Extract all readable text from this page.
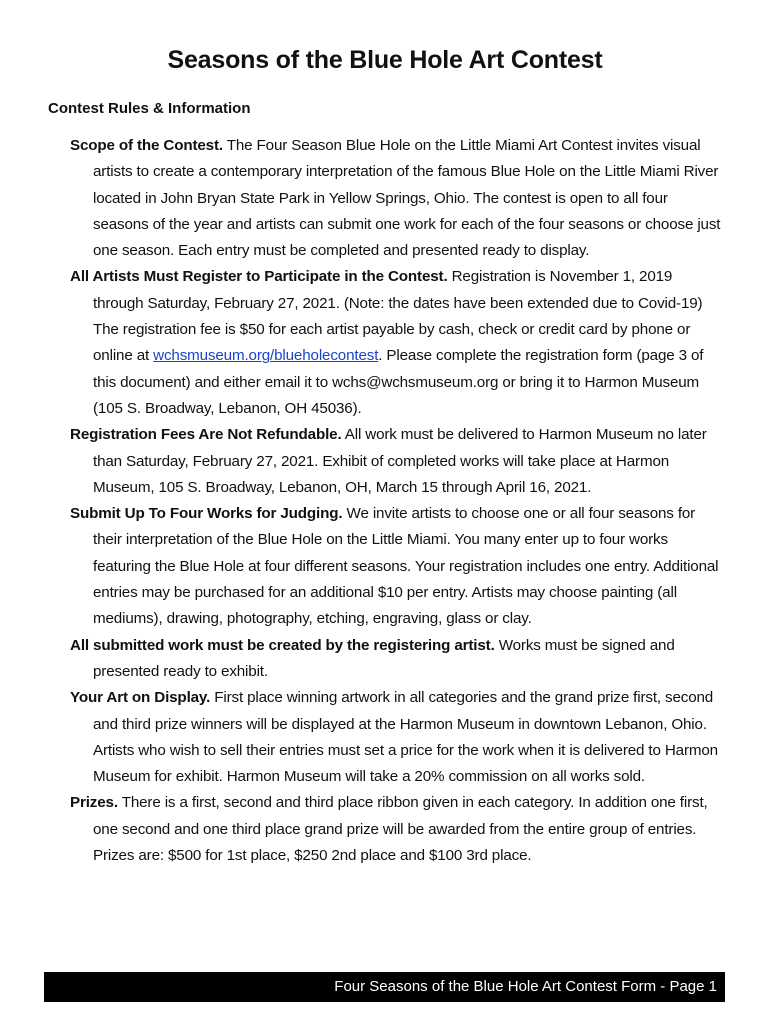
Seasons of the Blue Hole Art Contest
Contest Rules & Information

Scope of the Contest. The Four Season Blue Hole on the Little Miami Art Contest invites visual artists to create a contemporary interpretation of the famous Blue Hole on the Little Miami River located in John Bryan State Park in Yellow Springs, Ohio. The contest is open to all four seasons of the year and artists can submit one work for each of the four seasons or choose just one season. Each entry must be completed and presented ready to display.

All Artists Must Register to Participate in the Contest. Registration is November 1, 2019 through Saturday, February 27, 2021. (Note: the dates have been extended due to Covid-19) The registration fee is $50 for each artist payable by cash, check or credit card by phone or online at wchsmuseum.org/blueholecontest. Please complete the registration form (page 3 of this document) and either email it to wchs@wchsmuseum.org or bring it to Harmon Museum (105 S. Broadway, Lebanon, OH 45036).

Registration Fees Are Not Refundable. All work must be delivered to Harmon Museum no later than Saturday, February 27, 2021. Exhibit of completed works will take place at Harmon Museum, 105 S. Broadway, Lebanon, OH, March 15 through April 16, 2021.

Submit Up To Four Works for Judging. We invite artists to choose one or all four seasons for their interpretation of the Blue Hole on the Little Miami. You many enter up to four works featuring the Blue Hole at four different seasons. Your registration includes one entry. Additional entries may be purchased for an additional $10 per entry. Artists may choose painting (all mediums), drawing, photography, etching, engraving, glass or clay.

All submitted work must be created by the registering artist. Works must be signed and presented ready to exhibit.

Your Art on Display. First place winning artwork in all categories and the grand prize first, second and third prize winners will be displayed at the Harmon Museum in downtown Lebanon, Ohio. Artists who wish to sell their entries must set a price for the work when it is delivered to Harmon Museum for exhibit. Harmon Museum will take a 20% commission on all works sold.

Prizes. There is a first, second and third place ribbon given in each category. In addition one first, one second and one third place grand prize will be awarded from the entire group of entries. Prizes are: $500 for 1st place, $250 2nd place and $100 3rd place.

Four Seasons of the Blue Hole Art Contest Form - Page 1
